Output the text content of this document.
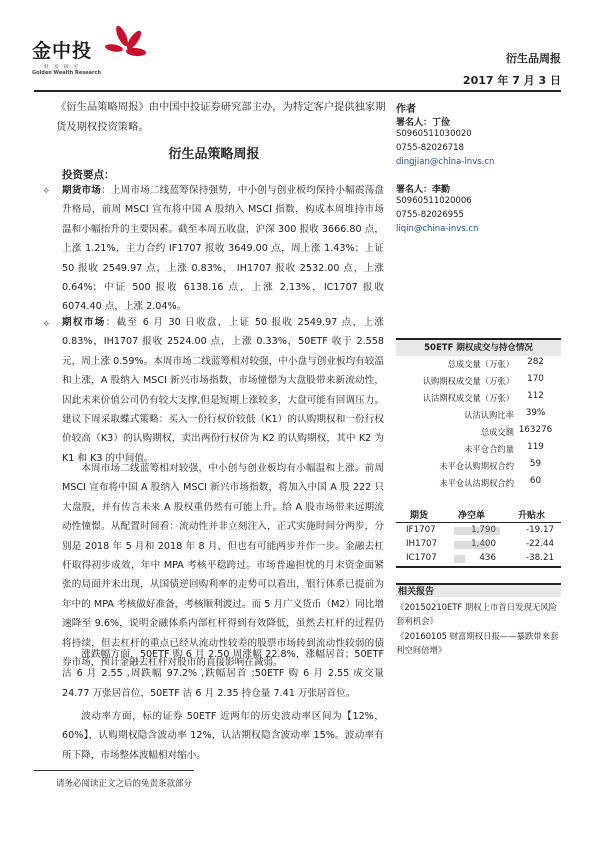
金中投
财 富 研 究
Golden Wealth Research
衍生品周报
2017 年 7 月 3 日
《衍生品策略周报》由中国中投证券研究部主办，为特定客户提供独家期货及期权投资策略。
衍生品策略周报
投资要点：
✧ 期货市场：上周市场二线蓝筹保持强势，中小创与创业板均保持小幅震荡盘升格局，前周 MSCI 宣布将中国 A 股纳入 MSCI 指数，构成本周堆持市场温和小幅抬升的主要因素。截至本周五收盘，沪深 300 报收 3666.80 点，上涨 1.21%，主力合约 IF1707 报收 3649.00 点，周上涨 1.43%；上证 50 报收 2549.97 点，上涨 0.83%， IH1707 报收 2532.00 点，上涨 0.64%；中证 500 报收 6138.16 点，上涨 2.13%，IC1707 报收 6074.40 点，上涨 2.04%。
✧ 期权市场：截至 6 月 30 日收盘，上证 50 报收 2549.97 点，上涨 0.83%，IH1707 报收 2524.00 点，上涨 0.33%，50ETF 收于 2.558 元，周上涨 0.59%。本周市场二线蓝筹相对较强，中小盘与创业板均有较温和上涨，A 股纳入 MSCI 新兴市场指数，市场憧憬为大盘股带来新流动性，因此未来价值公司仍有较大支撑,但是短期上涨较多，大盘可能有回调压力。建议下周采取蝶式策略：买入一份行权价较低（K1）的认购期权和一份行权价较高（K3）的认购期权，卖出两份行权价为 K2 的认购期权，其中 K2 为 K1 和 K3 的中间值。
本周市场二线蓝筹相对较强，中小创与创业板均有小幅温和上涨。前周 MSCI 宣布将中国 A 股纳入 MSCI 新兴市场指数，将加入中国 A 股 222 只大盘股，并有传言未来 A 股权重仍然有可能上升。给 A 股市场带来远期流动性憧憬。从配置时间看：流动性并非立刻注入，正式实施时间分两步，分别是 2018 年 5 月和 2018 年 8 月，但也有可能两步并作一步。金融去杠杆取得初步成效，年中 MPA 考核平稳跨过。市场普遍担忧的月末资金面紧张的局面并未出现，从国债逆回购利率的走势可以看出，银行体系已提前为年中的 MPA 考核做好准备，考核顺利渡过。而 5 月广义货币（M2）同比增速降至 9.6%，说明金融体系内部杠杆得到有效降低，虽然去杠杆的过程仍将持续，但去杠杆的重点已经从流动性较差的股票市场转到流动性较弱的债券市场，预计金融去杠杆对股市的直接影响在减弱。
涨跌幅方面，50ETF 购 6 月 2.50 周涨幅 22.8%，涨幅居首；50ETF 沽 6 月 2.55 ,周跌幅 97.2% ,跌幅居首 ;50ETF 购 6 月 2.55 成交量 24.77 万张居首位，50ETF 沽 6 月 2.35 持仓量 7.41 万张居首位。
波动率方面，标的证券 50ETF 近两年的历史波动率区间为【12%，60%】，认购期权隐含波动率 12%，认沽期权隐含波动率 15%。波动率有所下降，市场整体波幅相对缩小。
作者
署名人：丁俭
S0960511030020
0755-82026718
dingjian@china-invs.cn
署名人：李勤
S0960511020006
0755-82026955
liqin@china-invs.cn
50ETF 期权成交与持仓情况
总成交量（万张）	282
认购期权成交量（万张）	170
认沽期权成交量（万张）	112
认沽认购比率	39%
总成交额 163276
未平仓合约量	119
未平仓认购期权合约	59
未平仓认沽期权合约	60
期货	净空单	升贴水
IF1707	1,790	-19.17
IH1707	1,400	-22.44
IC1707	436	-38.21
相关报告
《20150210ETF 期权上市首日发现无风险套利机会》
《20160105 财富期权日报——暴跌带来套利空间倍增》
请务必阅读正文之后的免责条款部分
